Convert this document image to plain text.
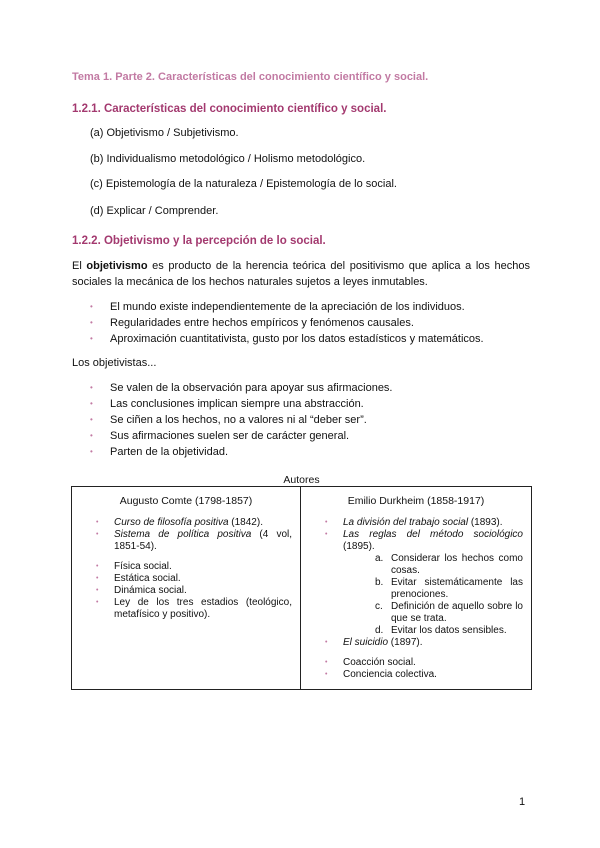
Tema 1. Parte 2. Características del conocimiento científico y social.
1.2.1. Características del conocimiento científico y social.
(a) Objetivismo / Subjetivismo.
(b) Individualismo metodológico / Holismo metodológico.
(c) Epistemología de la naturaleza / Epistemología de lo social.
(d) Explicar / Comprender.
1.2.2. Objetivismo y la percepción de lo social.
El objetivismo es producto de la herencia teórica del positivismo que aplica a los hechos sociales la mecánica de los hechos naturales sujetos a leyes inmutables.
• El mundo existe independientemente de la apreciación de los individuos.
• Regularidades entre hechos empíricos y fenómenos causales.
• Aproximación cuantitativista, gusto por los datos estadísticos y matemáticos.
Los objetivistas...
• Se valen de la observación para apoyar sus afirmaciones.
• Las conclusiones implican siempre una abstracción.
• Se ciñen a los hechos, no a valores ni al “deber ser”.
• Sus afirmaciones suelen ser de carácter general.
• Parten de la objetividad.
Autores
Augusto Comte (1798-1857)
• Curso de filosofía positiva (1842).
• Sistema de política positiva (4 vol, 1851-54).
• Física social.
• Estática social.
• Dinámica social.
• Ley de los tres estadios (teológico, metafísico y positivo).
Emilio Durkheim (1858-1917)
• La división del trabajo social (1893).
• Las reglas del método sociológico (1895).
a. Considerar los hechos como cosas.
b. Evitar sistemáticamente las prenociones.
c. Definición de aquello sobre lo que se trata.
d. Evitar los datos sensibles.
• El suicidio (1897).
• Coacción social.
• Conciencia colectiva.
1
